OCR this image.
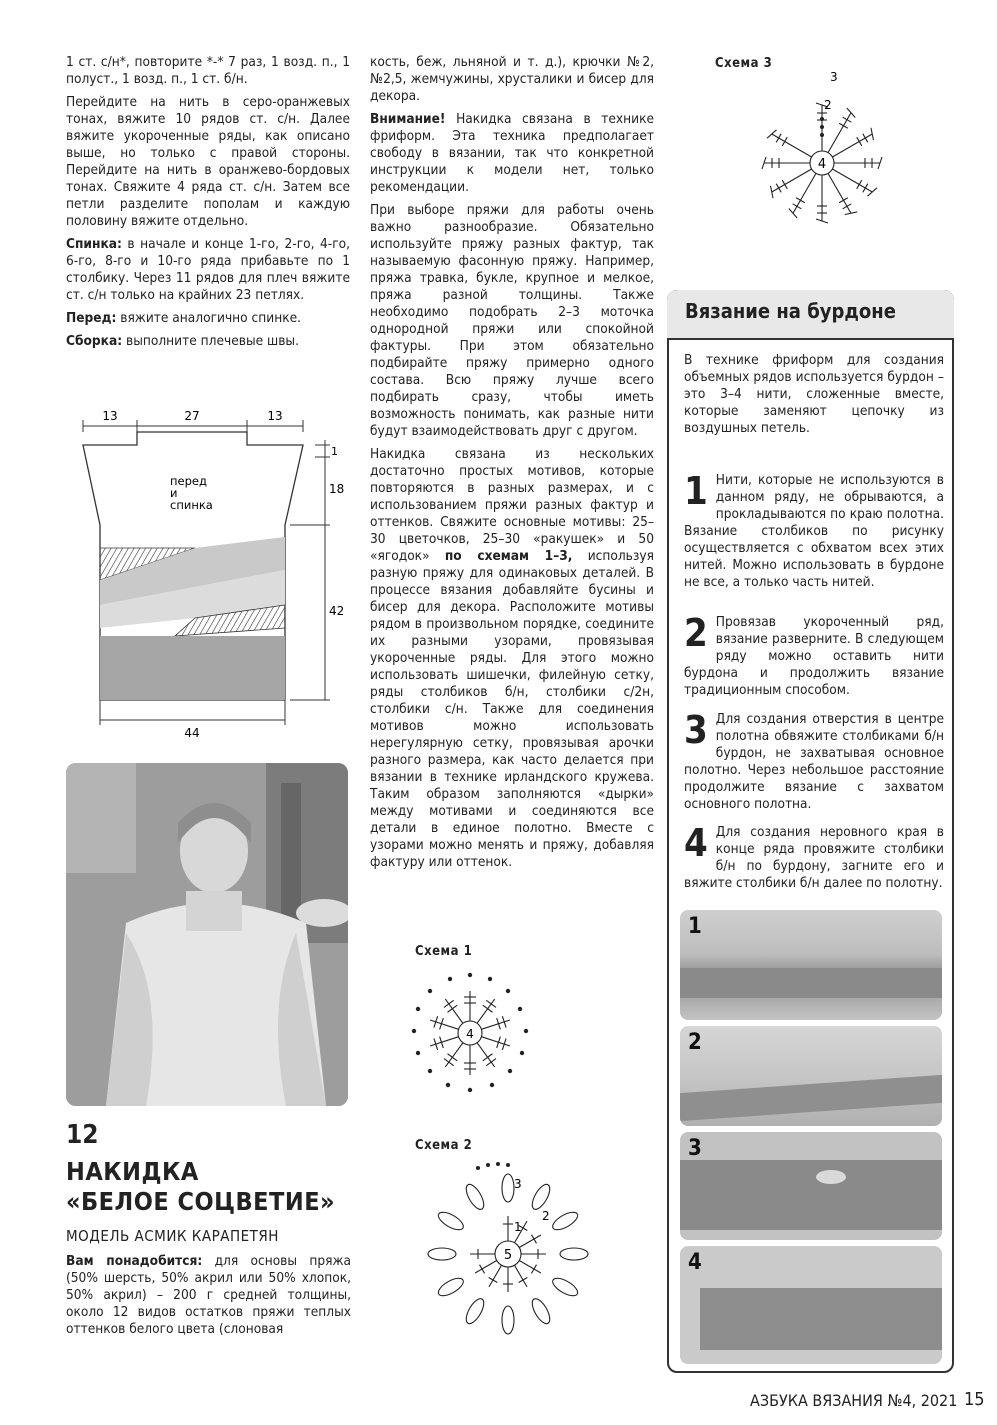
1 ст. с/н*, повторите *-* 7 раз, 1 возд. п., 1 полуст., 1 возд. п., 1 ст. б/н.

Перейдите на нить в серо-оранжевых тонах, вяжите 10 рядов ст. с/н. Далее вяжите укороченные ряды, как описано выше, но только с правой стороны. Перейдите на нить в оранжево-бордовых тонах. Свяжите 4 ряда ст. с/н. Затем все петли разделите пополам и каждую половину вяжите отдельно.

Спинка: в начале и конце 1-го, 2-го, 4-го, 6-го, 8-го и 10-го ряда прибавьте по 1 столбику. Через 11 рядов для плеч вяжите ст. с/н только на крайних 23 петлях.

Перед: вяжите аналогично спинке.

Сборка: выполните плечевые швы.

13	27	13
44
1
18
42
перед
и
спинка
12
НАКИДКА
«БЕЛОЕ СОЦВЕТИЕ»
МОДЕЛЬ АСМИК КАРАПЕТЯН

Вам понадобится: для основы пряжа (50% шерсть, 50% акрил или 50% хлопок, 50% акрил) – 200 г средней толщины, около 12 видов остатков пряжи теплых оттенков белого цвета (слоновая

кость, беж, льняной и т. д.), крючки №2, №2,5, жемчужины, хрусталики и бисер для декора.

Внимание! Накидка связана в технике фриформ. Эта техника предполагает свободу в вязании, так что конкретной инструкции к модели нет, только рекомендации.

При выборе пряжи для работы очень важно разнообразие. Обязательно используйте пряжу разных фактур, так называемую фасонную пряжу. Например, пряжа травка, букле, крупное и мелкое, пряжа разной толщины. Также необходимо подобрать 2–3 моточка однородной пряжи или спокойной фактуры. При этом обязательно подбирайте пряжу примерно одного состава. Всю пряжу лучше всего подбирать сразу, чтобы иметь возможность понимать, как разные нити будут взаимодействовать друг с другом.

Накидка связана из нескольких достаточно простых мотивов, которые повторяются в разных размерах, и с использованием пряжи разных фактур и оттенков. Свяжите основные мотивы: 25–30 цветочков, 25–30 «ракушек» и 50 «ягодок» по схемам 1–3, используя разную пряжу для одинаковых деталей. В процессе вязания добавляйте бусины и бисер для декора. Расположите мотивы рядом в произвольном порядке, соедините их разными узорами, провязывая укороченные ряды. Для этого можно использовать шишечки, филейную сетку, ряды столбиков б/н, столбики с/2н, столбики с/н. Также для соединения мотивов можно использовать нерегулярную сетку, провязывая арочки разного размера, как часто делается при вязании в технике ирландского кружева. Таким образом заполняются «дырки» между мотивами и соединяются все детали в единое полотно. Вместе с узорами можно менять и пряжу, добавляя фактуру или оттенок.

Схема 1
4
Схема 2
5
1
2
3
Схема 3
4
2
3
Вязание на бурдоне

В технике фриформ для создания объемных рядов используется бурдон – это 3–4 нити, сложенные вместе, которые заменяют цепочку из воздушных петель.

1 Нити, которые не используются в данном ряду, не обрываются, а прокладываются по краю полотна. Вязание столбиков по рисунку осуществляется с обхватом всех этих нитей. Можно использовать в бурдоне не все, а только часть нитей.
2 Провязав укороченный ряд, вязание разверните. В следующем ряду можно оставить нити бурдона и продолжить вязание традиционным способом.
3 Для создания отверстия в центре полотна обвяжите столбиками б/н бурдон, не захватывая основное полотно. Через небольшое расстояние продолжите вязание с захватом основного полотна.
4 Для создания неровного края в конце ряда провяжите столбики б/н по бурдону, загните его и вяжите столбики б/н далее по полотну.
1
2
3
4
АЗБУКА ВЯЗАНИЯ №4, 2021 15
